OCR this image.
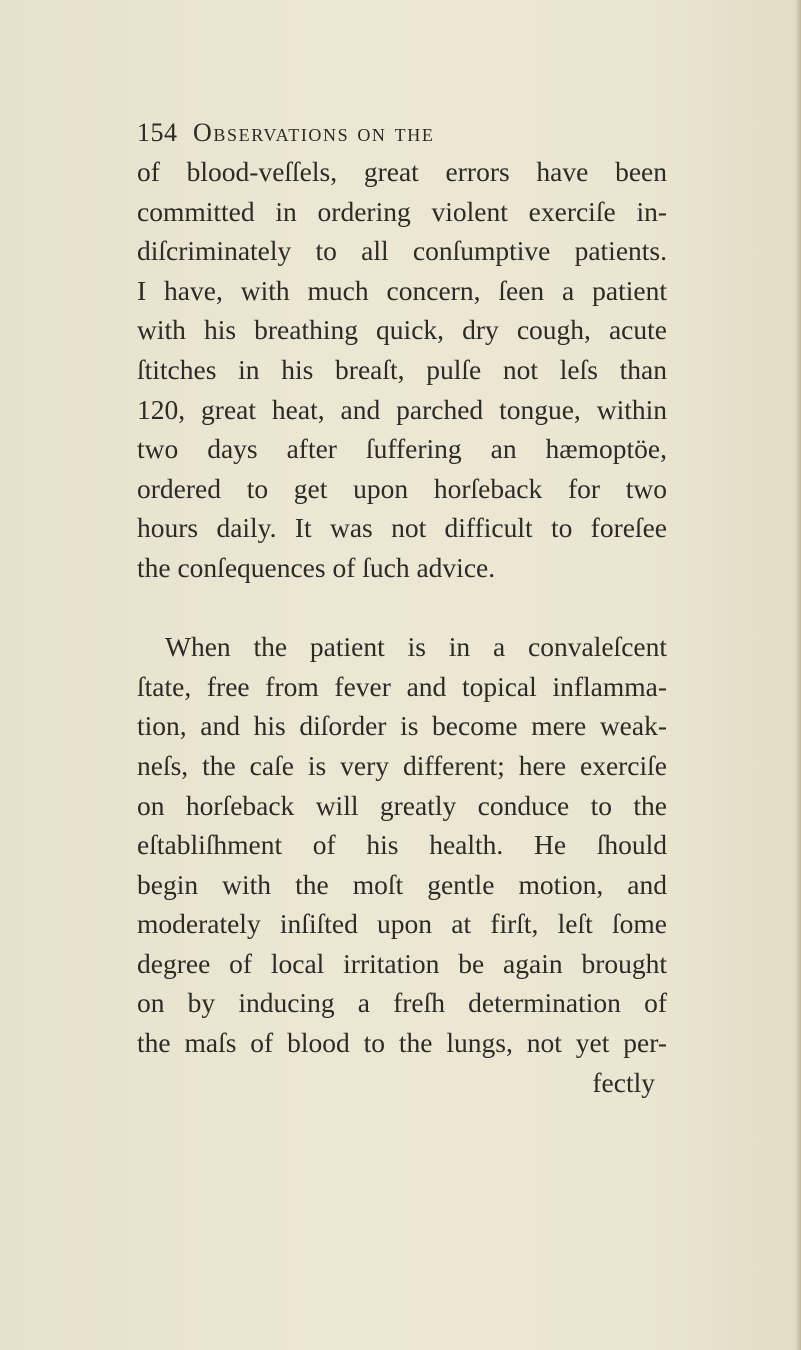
154 Observations on the
of blood-veſſels, great errors have been
committed in ordering violent exerciſe in-
diſcriminately to all conſumptive patients.
I have, with much concern, ſeen a patient
with his breathing quick, dry cough, acute
ſtitches in his breaſt, pulſe not leſs than
120, great heat, and parched tongue, within
two days after ſuffering an hæmoptöe,
ordered to get upon horſeback for two
hours daily. It was not difficult to foreſee
the conſequences of ſuch advice.
When the patient is in a convaleſcent
ſtate, free from fever and topical inflamma-
tion, and his diſorder is become mere weak-
neſs, the caſe is very different; here exerciſe
on horſeback will greatly conduce to the
eſtabliſhment of his health. He ſhould
begin with the moſt gentle motion, and
moderately inſiſted upon at firſt, leſt ſome
degree of local irritation be again brought
on by inducing a freſh determination of
the maſs of blood to the lungs, not yet per-
fectly
